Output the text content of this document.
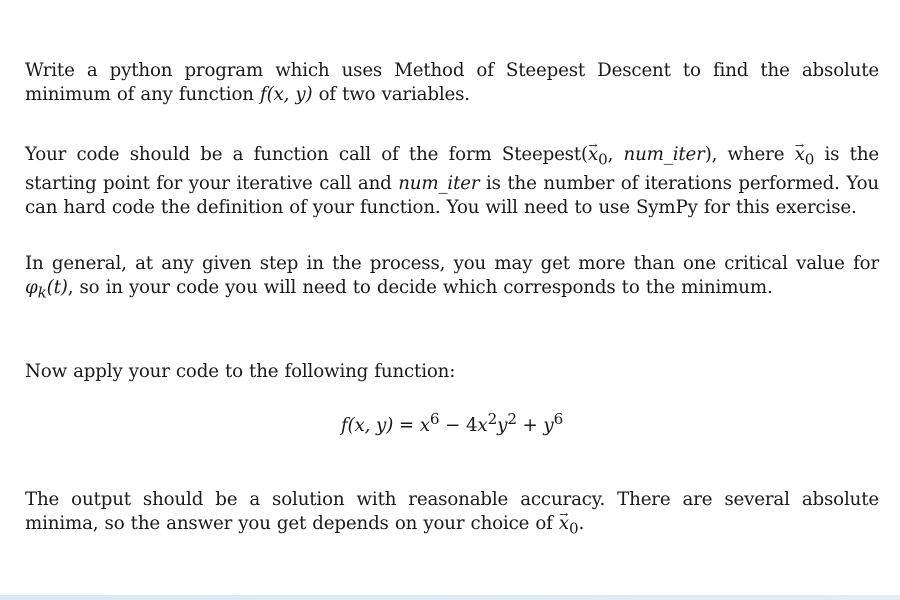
Write a python program which uses Method of Steepest Descent to find the absolute minimum of any function f(x, y) of two variables.

Your code should be a function call of the form Steepest(→ $x_0$, num_iter), where → $x_0$ is the starting point for your iterative call and num_iter is the number of iterations performed. You can hard code the definition of your function. You will need to use SymPy for this exercise.

In general, at any given step in the process, you may get more than one critical value for $\varphi_k(t)$, so in your code you will need to decide which corresponds to the minimum.

Now apply your code to the following function:

f(x, $y) = x^6 - 4x^2y^2 + y^6$

The output should be a solution with reasonable accuracy. There are several absolute minima, so the answer you get depends on your choice of → $x_0$.
